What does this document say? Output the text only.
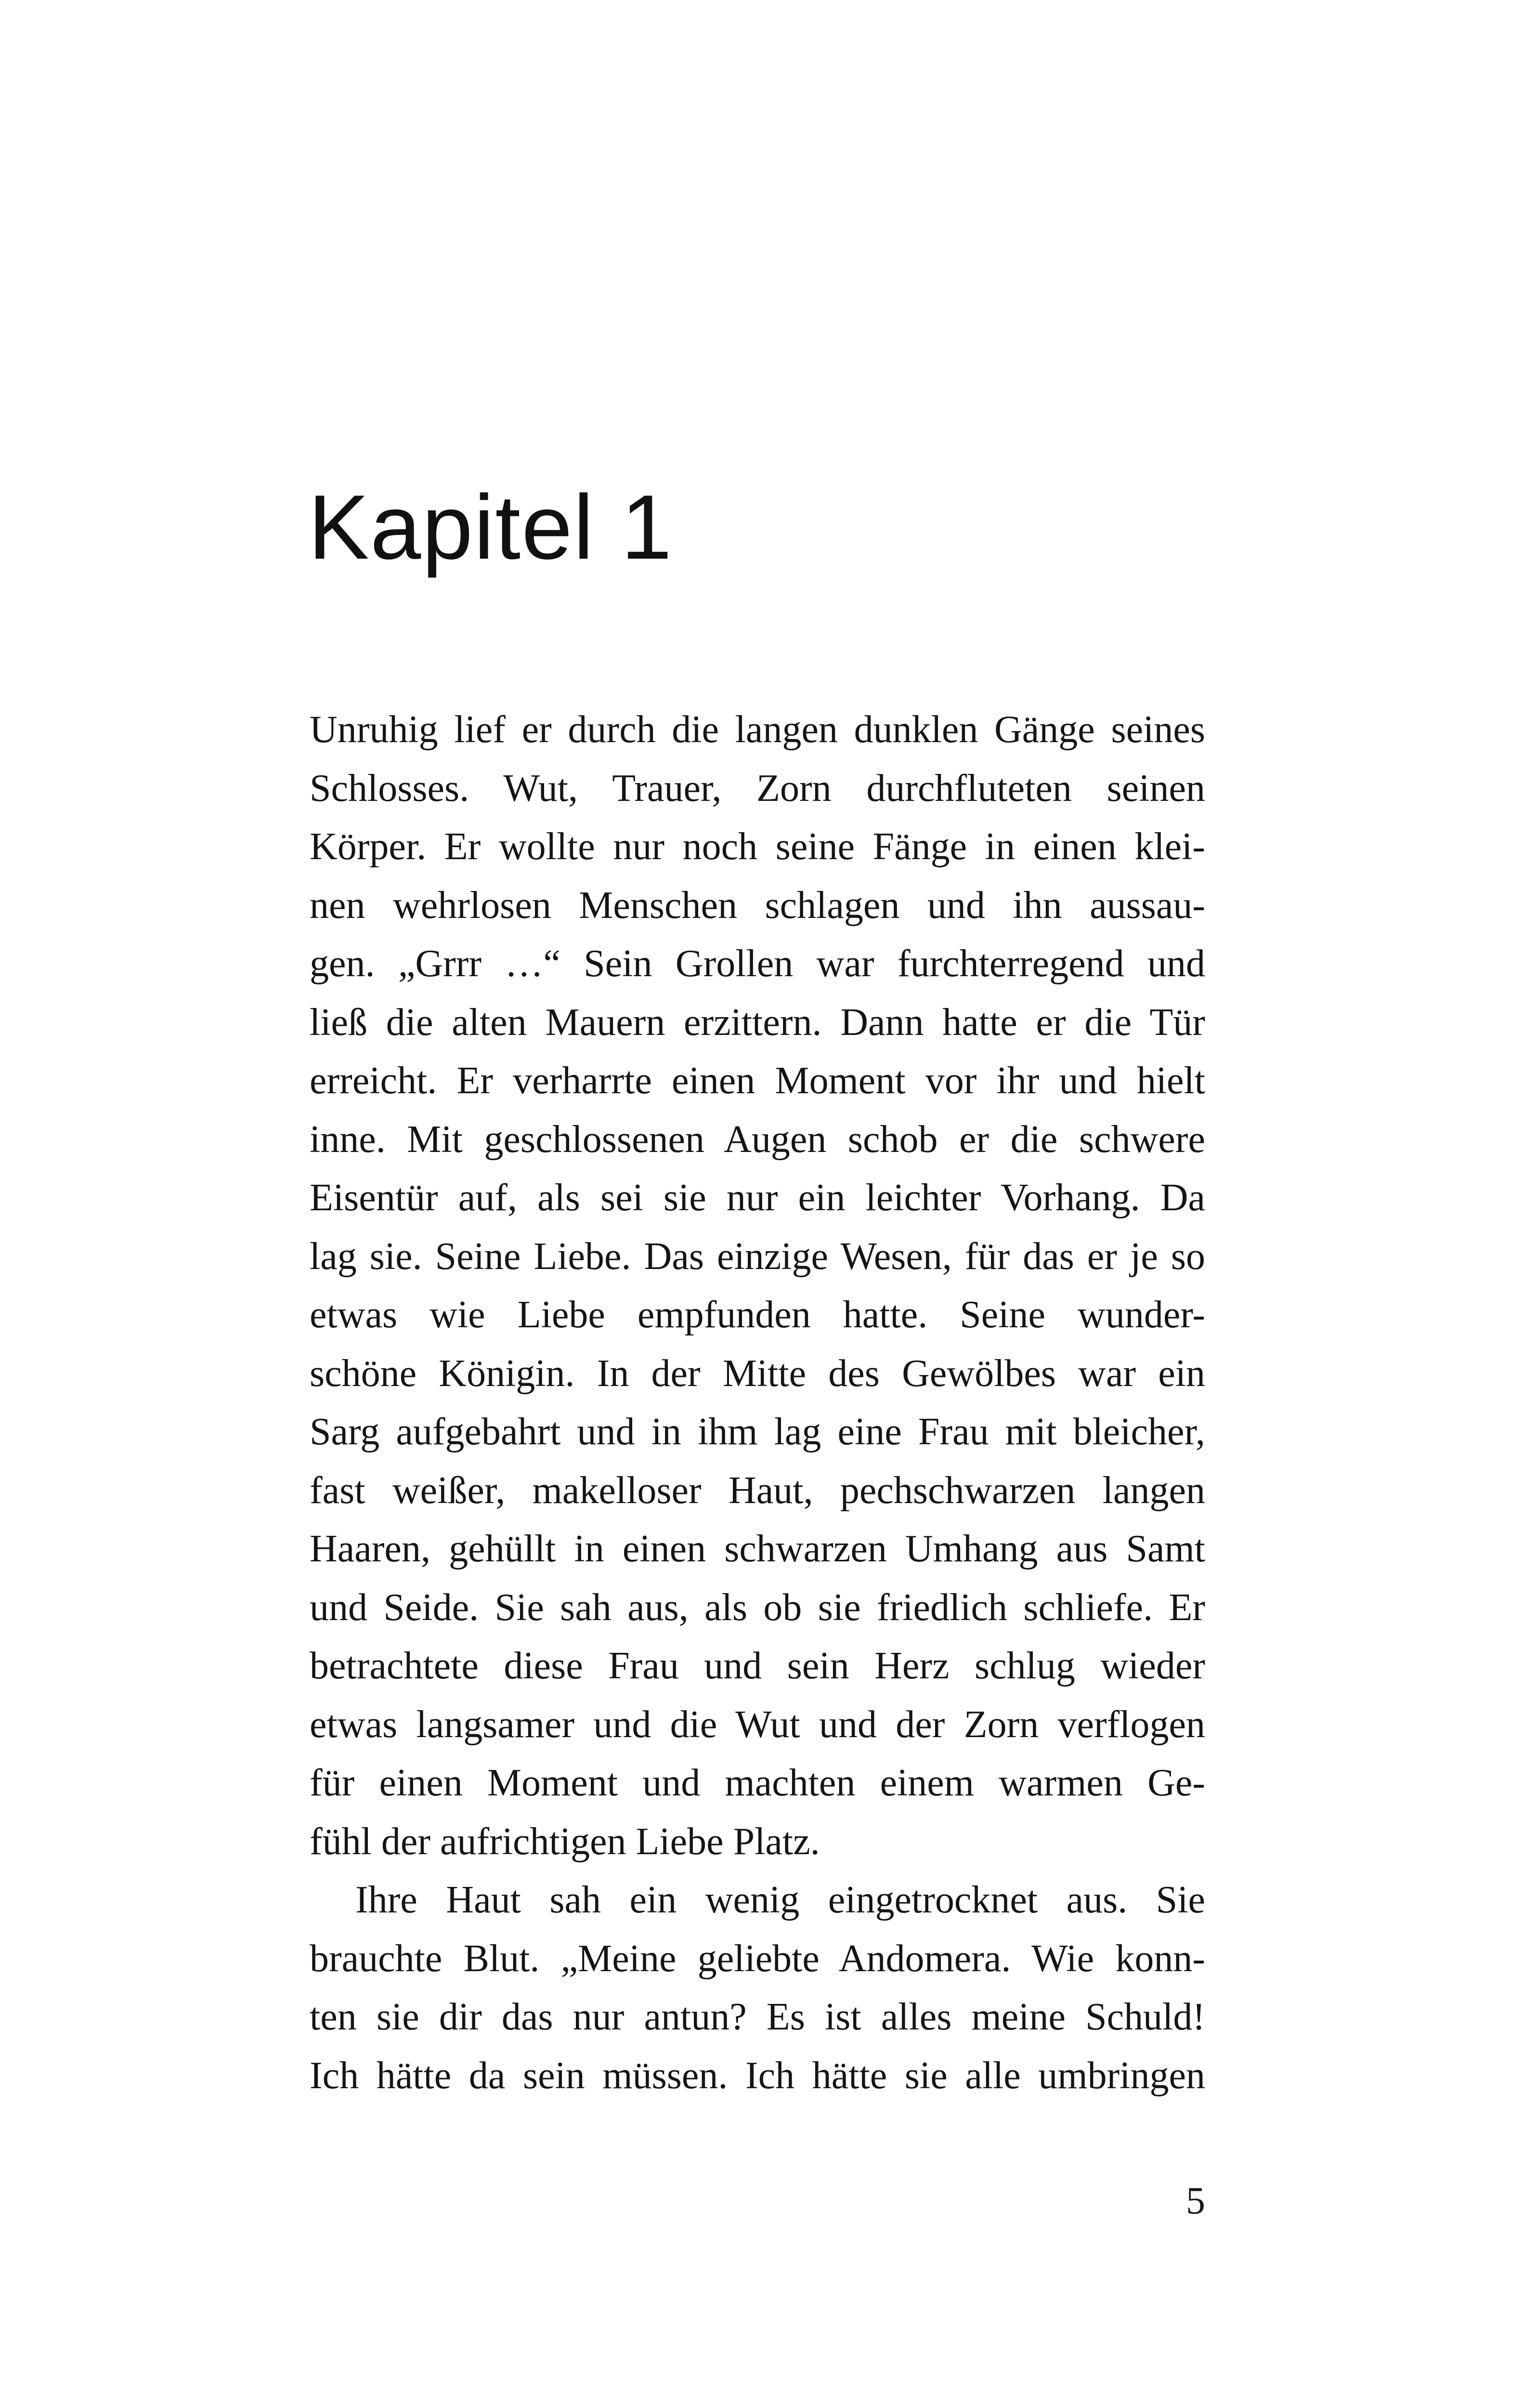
Kapitel 1
Unruhig lief er durch die langen dunklen Gänge seines
Schlosses. Wut, Trauer, Zorn durchfluteten seinen
Körper. Er wollte nur noch seine Fänge in einen klei-
nen wehrlosen Menschen schlagen und ihn aussau-
gen. „Grrr …“ Sein Grollen war furchterregend und
ließ die alten Mauern erzittern. Dann hatte er die Tür
erreicht. Er verharrte einen Moment vor ihr und hielt
inne. Mit geschlossenen Augen schob er die schwere
Eisentür auf, als sei sie nur ein leichter Vorhang. Da
lag sie. Seine Liebe. Das einzige Wesen, für das er je so
etwas wie Liebe empfunden hatte. Seine wunder-
schöne Königin. In der Mitte des Gewölbes war ein
Sarg aufgebahrt und in ihm lag eine Frau mit bleicher,
fast weißer, makelloser Haut, pechschwarzen langen
Haaren, gehüllt in einen schwarzen Umhang aus Samt
und Seide. Sie sah aus, als ob sie friedlich schliefe. Er
betrachtete diese Frau und sein Herz schlug wieder
etwas langsamer und die Wut und der Zorn verflogen
für einen Moment und machten einem warmen Ge-
fühl der aufrichtigen Liebe Platz.
Ihre Haut sah ein wenig eingetrocknet aus. Sie
brauchte Blut. „Meine geliebte Andomera. Wie konn-
ten sie dir das nur antun? Es ist alles meine Schuld!
Ich hätte da sein müssen. Ich hätte sie alle umbringen
5
